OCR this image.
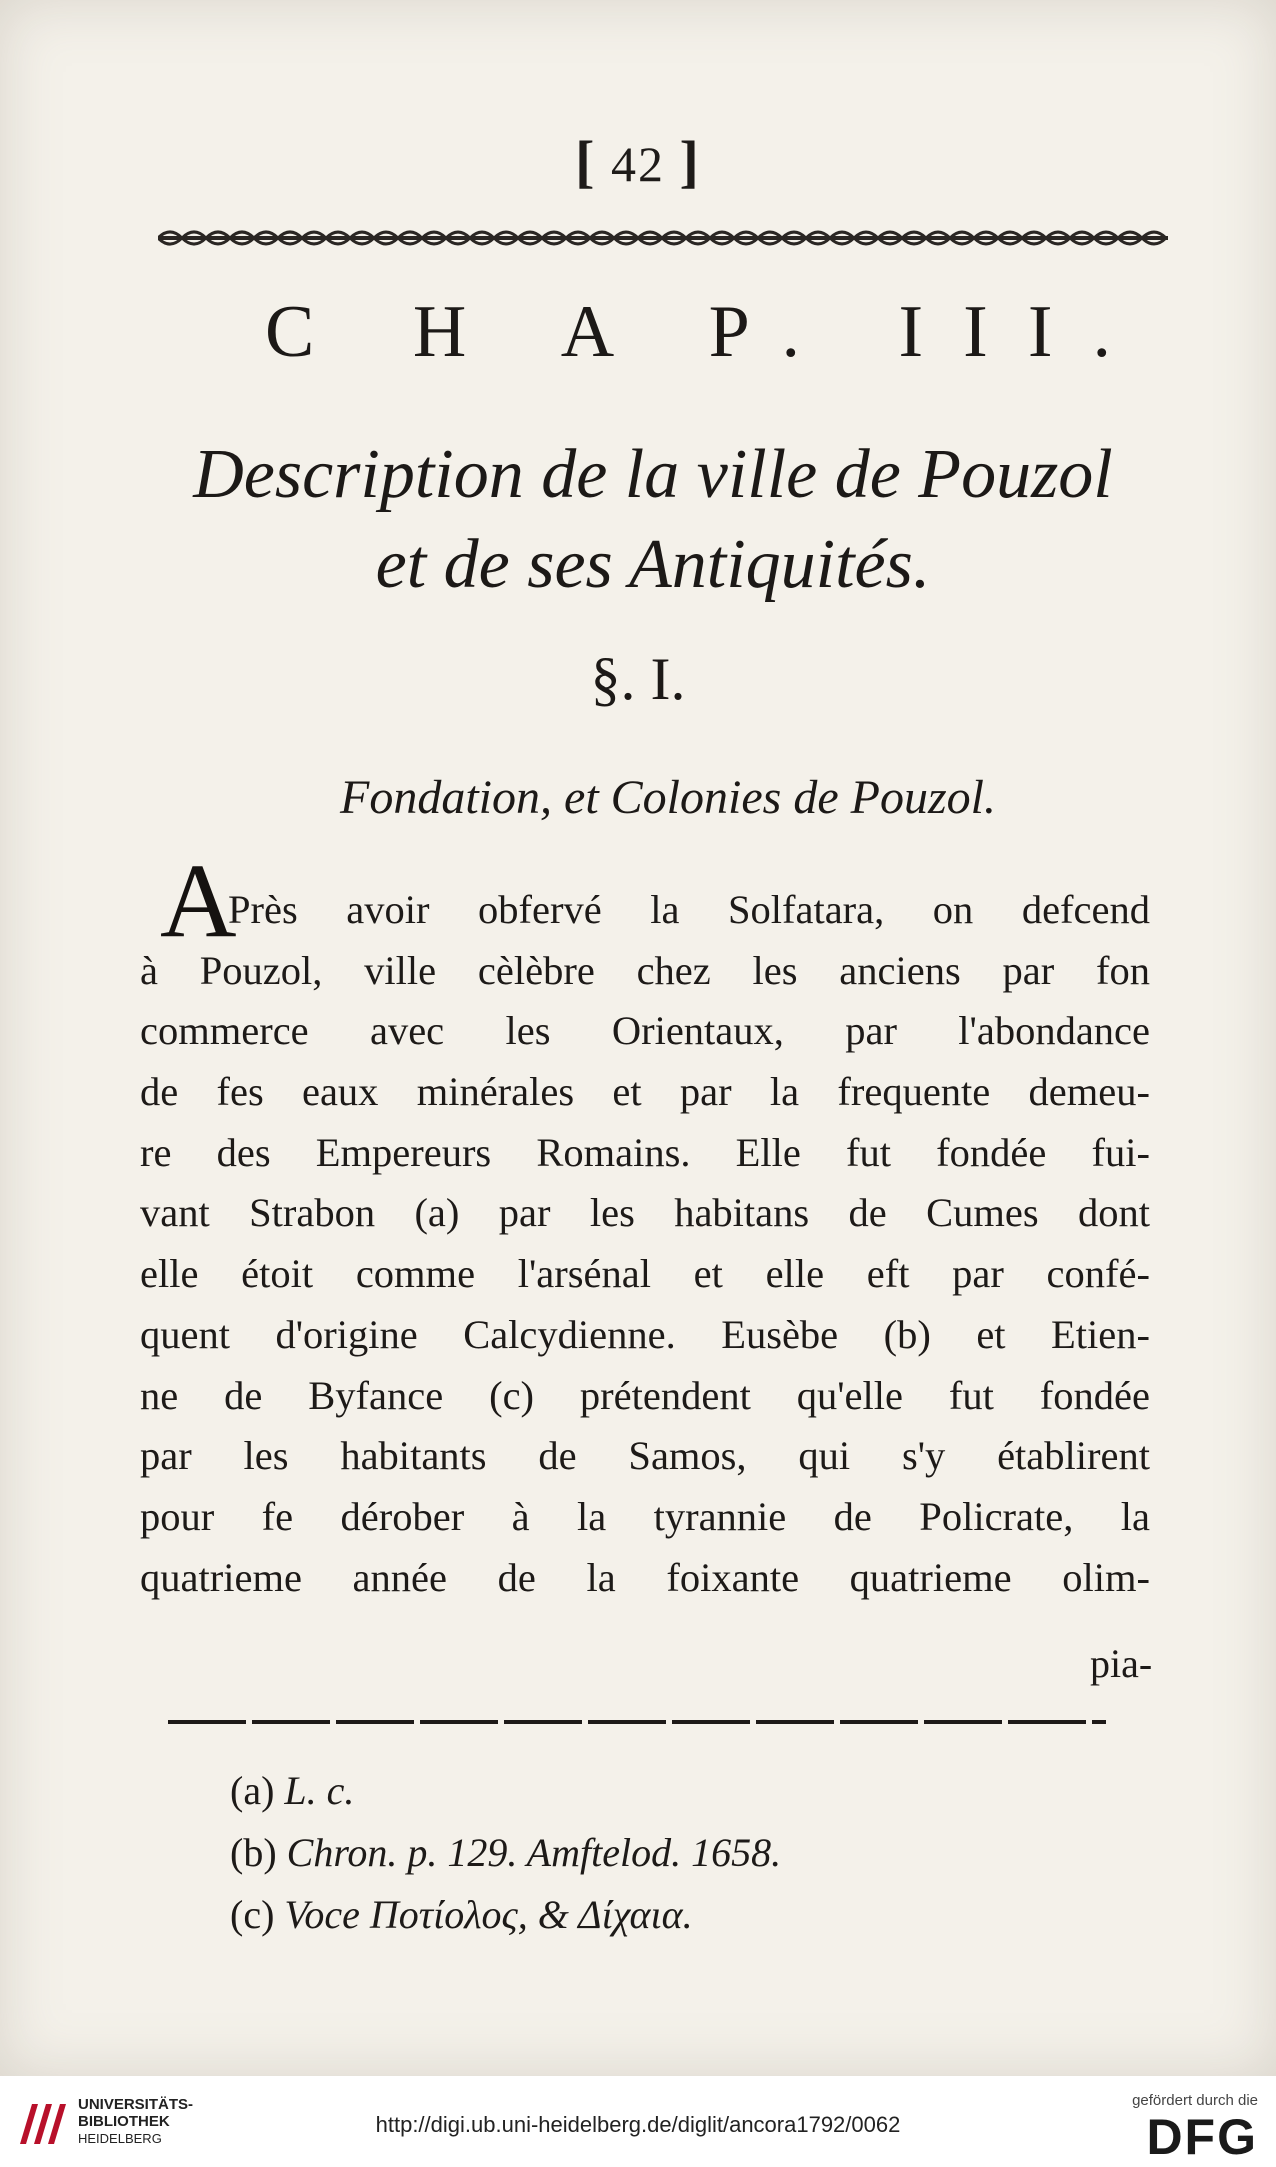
[ 42 ]
C H A P. III.
Description de la ville de Pouzol
et de ses Antiquités.
§. I.
Fondation, et Colonies de Pouzol.
A
Près avoir obfervé la Solfatara, on defcend
à Pouzol, ville cèlèbre chez les anciens par fon
commerce avec les Orientaux, par l'abondance
de fes eaux minérales et par la frequente demeu-
re des Empereurs Romains. Elle fut fondée fui-
vant Strabon (a) par les habitans de Cumes dont
elle étoit comme l'arsénal et elle eft par confé-
quent d'origine Calcydienne. Eusèbe (b) et Etien-
ne de Byfance (c) prétendent qu'elle fut fondée
par les habitants de Samos, qui s'y établirent
pour fe dérober à la tyrannie de Policrate, la
quatrieme année de la foixante quatrieme olim-
pia-
(a) L. c.
(b) Chron. p. 129. Amftelod. 1658.
(c) Voce Ποτίολος, & Δίχαια.
UNIVERSITÄTS-
BIBLIOTHEK
HEIDELBERG
http://digi.ub.uni-heidelberg.de/diglit/ancora1792/0062
gefördert durch die
DFG
